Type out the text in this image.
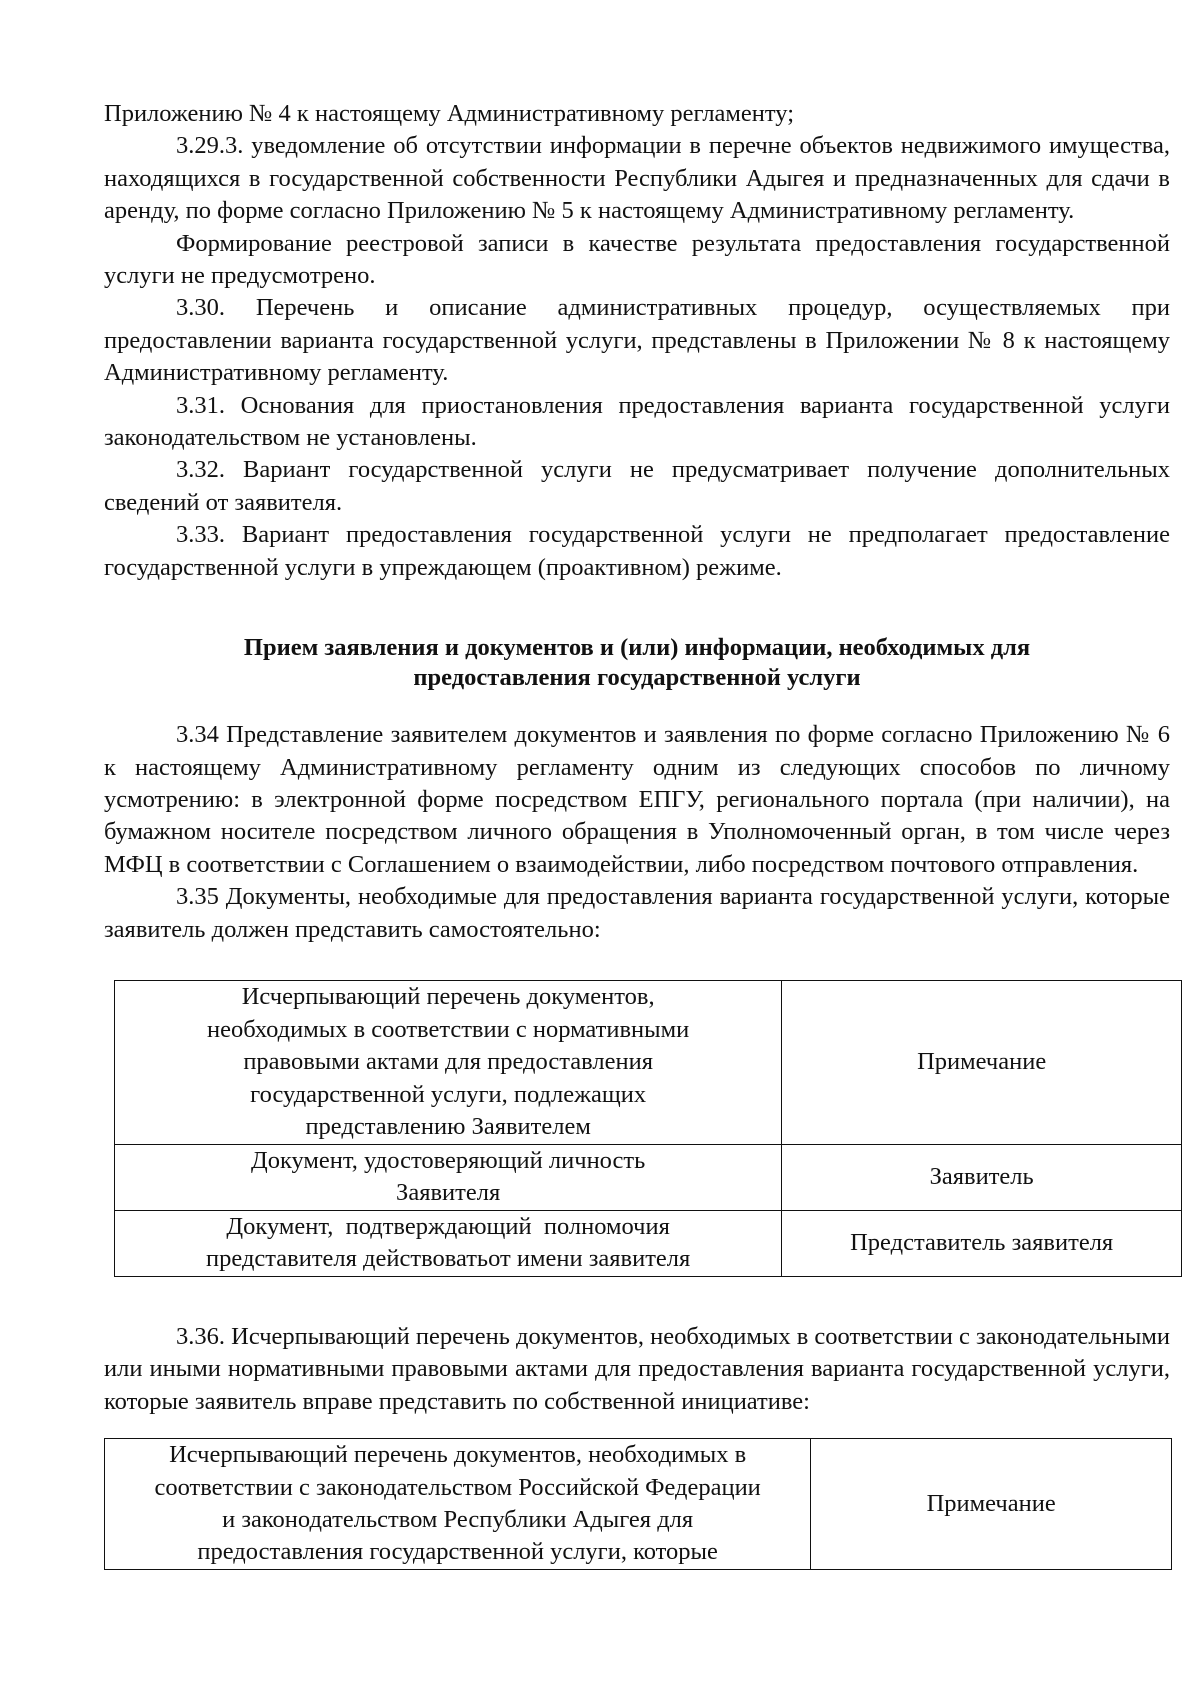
Приложению № 4 к настоящему Административному регламенту;

3.29.3. уведомление об отсутствии информации в перечне объектов недвижимого имущества, находящихся в государственной собственности Республики Адыгея и предназначенных для сдачи в аренду, по форме согласно Приложению № 5 к настоящему Административному регламенту.

Формирование реестровой записи в качестве результата предоставления государственной услуги не предусмотрено.

3.30. Перечень и описание административных процедур, осуществляемых при предоставлении варианта государственной услуги, представлены в Приложении № 8 к настоящему Административному регламенту.

3.31. Основания для приостановления предоставления варианта государственной услуги законодательством не установлены.

3.32. Вариант государственной услуги не предусматривает получение дополнительных сведений от заявителя.

3.33. Вариант предоставления государственной услуги не предполагает предоставление государственной услуги в упреждающем (проактивном) режиме.

Прием заявления и документов и (или) информации, необходимых для
предоставления государственной услуги

3.34 Представление заявителем документов и заявления по форме согласно Приложению № 6 к настоящему Административному регламенту одним из следующих способов по личному усмотрению: в электронной форме посредством ЕПГУ, регионального портала (при наличии), на бумажном носителе посредством личного обращения в Уполномоченный орган, в том числе через МФЦ в соответствии с Соглашением о взаимодействии, либо посредством почтового отправления.

3.35 Документы, необходимые для предоставления варианта государственной услуги, которые заявитель должен представить самостоятельно:

Исчерпывающий перечень документов,
необходимых в соответствии с нормативными
правовыми актами для предоставления
государственной услуги, подлежащих
представлению Заявителем	Примечание
Документ, удостоверяющий личность
Заявителя	Заявитель
Документ,  подтверждающий  полномочия
представителя действоватьот имени заявителя	Представитель заявителя

3.36. Исчерпывающий перечень документов, необходимых в соответствии с законодательными или иными нормативными правовыми актами для предоставления варианта государственной услуги, которые заявитель вправе представить по собственной инициативе:

Исчерпывающий перечень документов, необходимых в
соответствии с законодательством Российской Федерации
и законодательством Республики Адыгея для
предоставления государственной услуги, которые	Примечание
